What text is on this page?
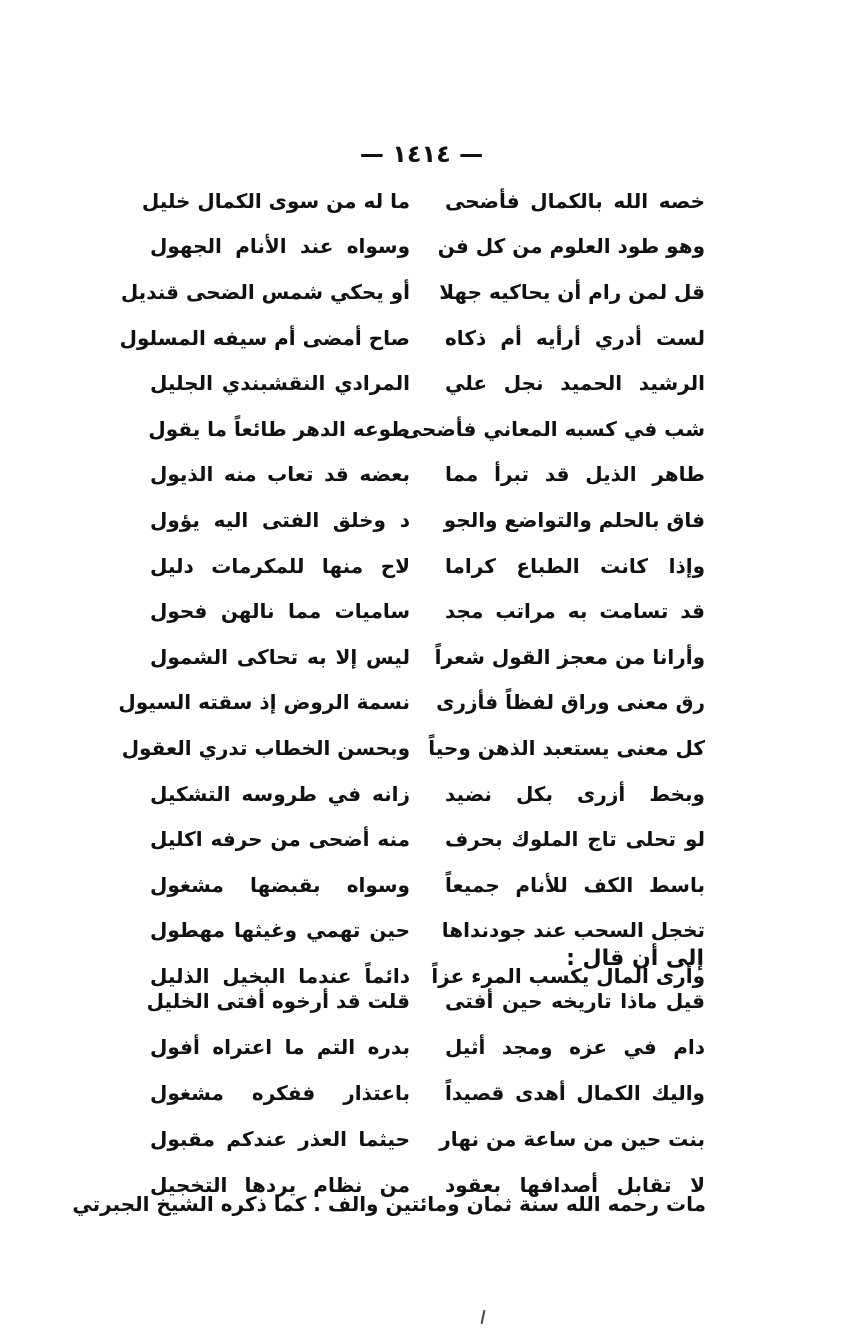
— ١٤١٤ —
خصه الله بالكمال فأضحى
ما له من سوى الكمال خليل
وهو طود العلوم من كل فن
وسواه عند الأنام الجهول
قل لمن رام أن يحاكيه جهلا
أو يحكي شمس الضحى قنديل
لست أدري أرأيه أم ذكاه
صاح أمضى أم سيفه المسلول
الرشيد الحميد نجل علي
المرادي النقشبندي الجليل
شب في كسبه المعاني فأضحى
طوعه الدهر طائعاً ما يقول
طاهر الذيل قد تبرأ مما
بعضه قد تعاب منه الذيول
فاق بالحلم والتواضع والجو
د وخلق الفتى اليه يؤول
وإذا كانت الطباع كراما
لاح منها للمكرمات دليل
قد تسامت به مراتب مجد
ساميات مما نالهن فحول
وأرانا من معجز القول شعراً
ليس إلا به تحاكى الشمول
رق معنى وراق لفظاً فأزرى
نسمة الروض إذ سقته السيول
كل معنى يستعبد الذهن وحياً
وبحسن الخطاب تدري العقول
وبخط أزرى بكل نضيد
زانه في طروسه التشكيل
لو تحلى تاج الملوك بحرف
منه أضحى من حرفه اكليل
باسط الكف للأنام جميعاً
وسواه بقبضها مشغول
تخجل السحب عند جودنداها
حين تهمي وغيثها مهطول
وأرى المال يكسب المرء عزاً
دائماً عندما البخيل الذليل
إلى أن قال :
قيل ماذا تاريخه حين أفتى
قلت قد أرخوه أفتى الخليل
دام في عزه ومجد أثيل
بدره التم ما اعتراه أفول
واليك الكمال أهدى قصيداً
باعتذار ففكره مشغول
بنت حين من ساعة من نهار
حيثما العذر عندكم مقبول
لا تقابل أصدافها بعقود
من نظام يردها التخجيل
مات رحمه الله سنة ثمان ومائتين والف . كما ذكره الشيخ الجبرتي
